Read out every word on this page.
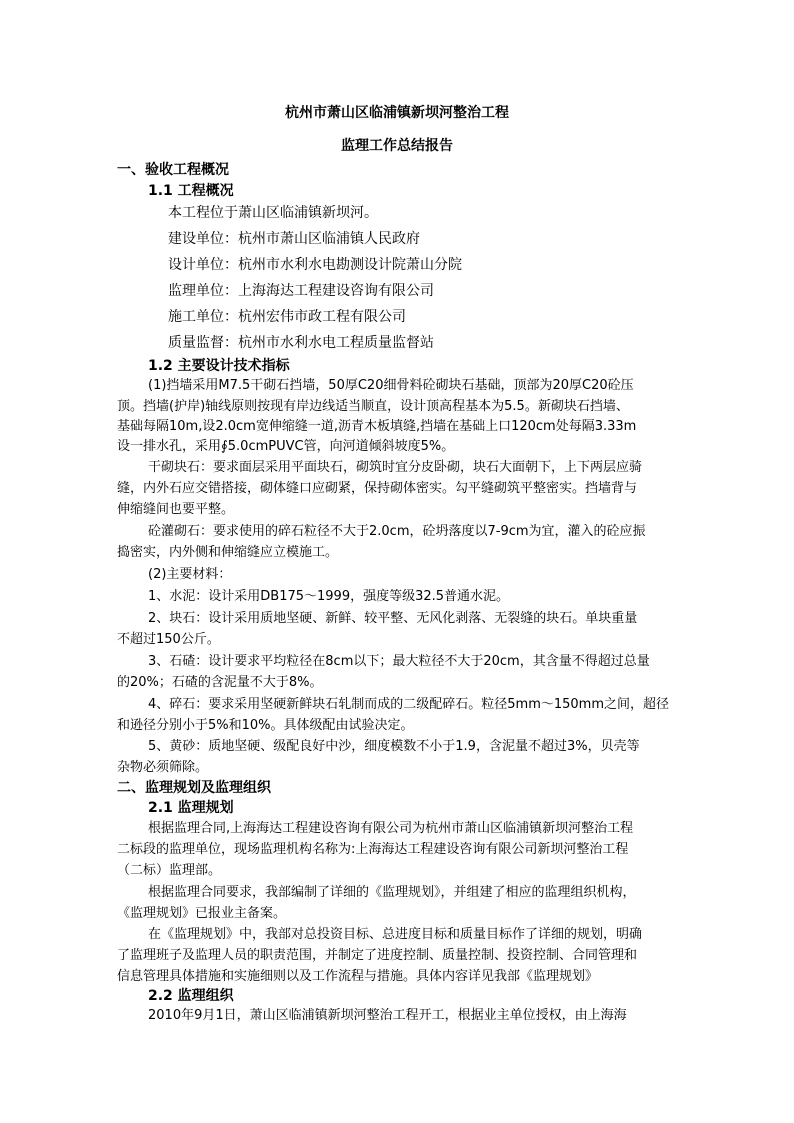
杭州市萧山区临浦镇新坝河整治工程
监理工作总结报告
一、验收工程概况
1.1 工程概况
本工程位于萧山区临浦镇新坝河。
建设单位：杭州市萧山区临浦镇人民政府
设计单位：杭州市水利水电勘测设计院萧山分院
监理单位：上海海达工程建设咨询有限公司
施工单位：杭州宏伟市政工程有限公司
质量监督：杭州市水利水电工程质量监督站
1.2 主要设计技术指标
(1)挡墙采用M7.5干砌石挡墙，50厚C20细骨料砼砌块石基础，顶部为20厚C20砼压
顶。挡墙(护岸)轴线原则按现有岸边线适当顺直，设计顶高程基本为5.5。新砌块石挡墙、
基础每隔10m,设2.0cm宽伸缩缝一道,沥青木板填缝,挡墙在基础上口120cm处每隔3.33m
设一排水孔，采用∮5.0cmPUVC管，向河道倾斜坡度5%。
干砌块石：要求面层采用平面块石，砌筑时宜分皮卧砌，块石大面朝下，上下两层应骑
缝，内外石应交错搭接，砌体缝口应砌紧，保持砌体密实。勾平缝砌筑平整密实。挡墙背与
伸缩缝间也要平整。
砼灌砌石：要求使用的碎石粒径不大于2.0cm，砼坍落度以7-9cm为宜，灌入的砼应振
捣密实，内外侧和伸缩缝应立模施工。
(2)主要材料：
1、水泥：设计采用DB175～1999，强度等级32.5普通水泥。
2、块石：设计采用质地坚硬、新鲜、较平整、无风化剥落、无裂缝的块石。单块重量
不超过150公斤。
3、石碴：设计要求平均粒径在8cm以下；最大粒径不大于20cm，其含量不得超过总量
的20%；石碴的含泥量不大于8%。
4、碎石：要求采用坚硬新鲜块石轧制而成的二级配碎石。粒径5mm～150mm之间，超径
和逊径分别小于5%和10%。具体级配由试验决定。
5、黄砂：质地坚硬、级配良好中沙，细度模数不小于1.9，含泥量不超过3%，贝壳等
杂物必须筛除。
二、监理规划及监理组织
2.1 监理规划
根据监理合同,上海海达工程建设咨询有限公司为杭州市萧山区临浦镇新坝河整治工程
二标段的监理单位，现场监理机构名称为:上海海达工程建设咨询有限公司新坝河整治工程
（二标）监理部。
根据监理合同要求，我部编制了详细的《监理规划》，并组建了相应的监理组织机构，
《监理规划》已报业主备案。
在《监理规划》中，我部对总投资目标、总进度目标和质量目标作了详细的规划，明确
了监理班子及监理人员的职责范围，并制定了进度控制、质量控制、投资控制、合同管理和
信息管理具体措施和实施细则以及工作流程与措施。具体内容详见我部《监理规划》
2.2 监理组织
2010年9月1日，萧山区临浦镇新坝河整治工程开工，根据业主单位授权，由上海海
